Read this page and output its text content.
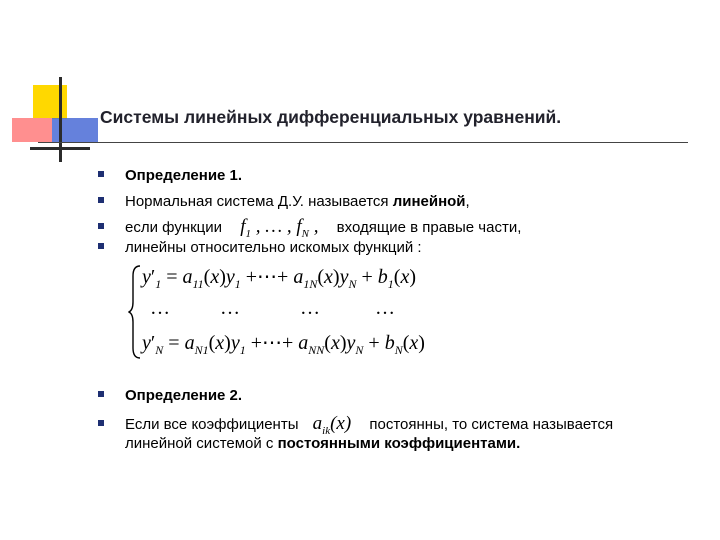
Системы линейных дифференциальных уравнений.
Определение 1.
Нормальная система Д.У. называется линейной,
если функции $f_1$ , … , $f_N$ , входящие в правые части,
линейны относительно искомых функций :
$y'_1 = a_{11}(x)y_1$ +⋯+ $a_{1N}(x)y_N + b_1(x)$
…          …            …           …
$y'_N = a_{N1}(x)y_1$ +⋯+ $a_{NN}(x)y_N + b_N(x)$
Определение 2.
Если все коэффициенты $a_{ik}(x)$ постоянны, то система называется
линейной системой с постоянными коэффициентами.
